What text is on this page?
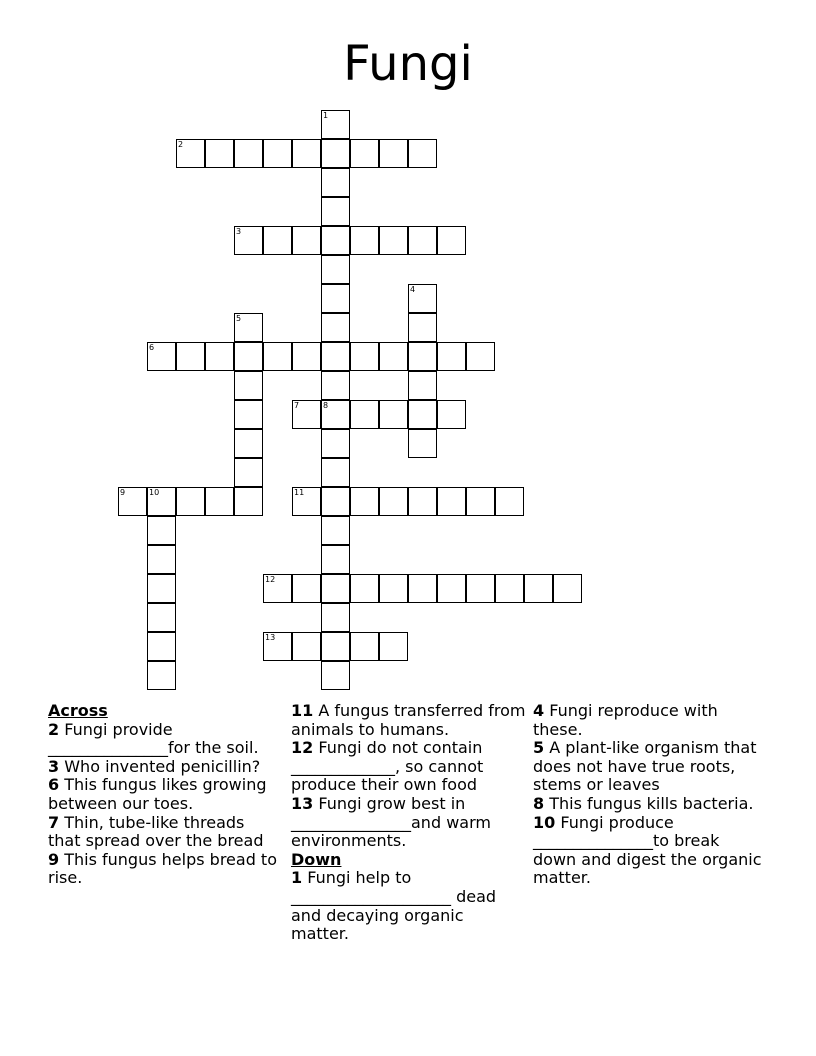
Fungi
1
2
3
4
5
6
7	8
9	10	11
12
13
Across
2 Fungi provide _______________for the soil.
3 Who invented penicillin?
6 This fungus likes growing between our toes.
7 Thin, tube-like threads that spread over the bread
9 This fungus helps bread to rise.
11 A fungus transferred from animals to humans.
12 Fungi do not contain _____________, so cannot produce their own food
13 Fungi grow best in _______________and warm environments.
Down
1 Fungi help to ____________________ dead and decaying organic matter.
4 Fungi reproduce with these.
5 A plant-like organism that does not have true roots, stems or leaves
8 This fungus kills bacteria.
10 Fungi produce _______________to break down and digest the organic matter.
